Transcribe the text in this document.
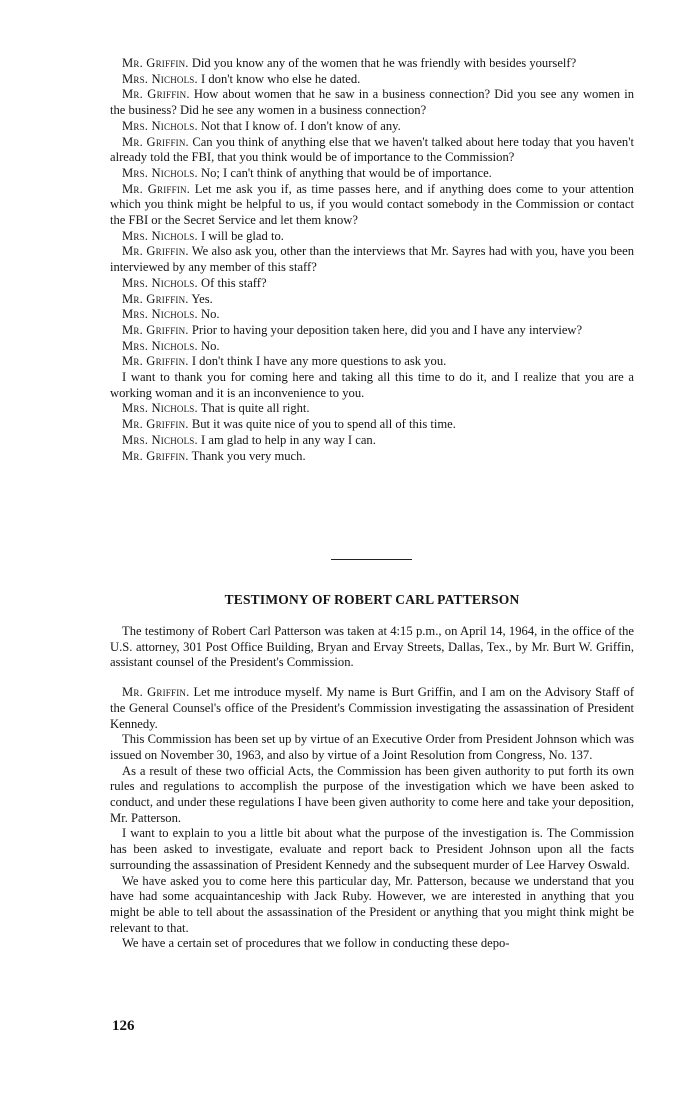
Mr. Griffin. Did you know any of the women that he was friendly with besides yourself?

Mrs. Nichols. I don't know who else he dated.

Mr. Griffin. How about women that he saw in a business connection? Did you see any women in the business? Did he see any women in a business connection?

Mrs. Nichols. Not that I know of. I don't know of any.

Mr. Griffin. Can you think of anything else that we haven't talked about here today that you haven't already told the FBI, that you think would be of importance to the Commission?

Mrs. Nichols. No; I can't think of anything that would be of importance.

Mr. Griffin. Let me ask you if, as time passes here, and if anything does come to your attention which you think might be helpful to us, if you would contact somebody in the Commission or contact the FBI or the Secret Service and let them know?

Mrs. Nichols. I will be glad to.

Mr. Griffin. We also ask you, other than the interviews that Mr. Sayres had with you, have you been interviewed by any member of this staff?

Mrs. Nichols. Of this staff?

Mr. Griffin. Yes.

Mrs. Nichols. No.

Mr. Griffin. Prior to having your deposition taken here, did you and I have any interview?

Mrs. Nichols. No.

Mr. Griffin. I don't think I have any more questions to ask you.

I want to thank you for coming here and taking all this time to do it, and I realize that you are a working woman and it is an inconvenience to you.

Mrs. Nichols. That is quite all right.

Mr. Griffin. But it was quite nice of you to spend all of this time.

Mrs. Nichols. I am glad to help in any way I can.

Mr. Griffin. Thank you very much.

TESTIMONY OF ROBERT CARL PATTERSON

The testimony of Robert Carl Patterson was taken at 4:15 p.m., on April 14, 1964, in the office of the U.S. attorney, 301 Post Office Building, Bryan and Ervay Streets, Dallas, Tex., by Mr. Burt W. Griffin, assistant counsel of the President's Commission.

Mr. Griffin. Let me introduce myself. My name is Burt Griffin, and I am on the Advisory Staff of the General Counsel's office of the President's Commission investigating the assassination of President Kennedy.

This Commission has been set up by virtue of an Executive Order from President Johnson which was issued on November 30, 1963, and also by virtue of a Joint Resolution from Congress, No. 137.

As a result of these two official Acts, the Commission has been given authority to put forth its own rules and regulations to accomplish the purpose of the investigation which we have been asked to conduct, and under these regulations I have been given authority to come here and take your deposition, Mr. Patterson.

I want to explain to you a little bit about what the purpose of the investigation is. The Commission has been asked to investigate, evaluate and report back to President Johnson upon all the facts surrounding the assassination of President Kennedy and the subsequent murder of Lee Harvey Oswald.

We have asked you to come here this particular day, Mr. Patterson, because we understand that you have had some acquaintanceship with Jack Ruby. However, we are interested in anything that you might be able to tell about the assassination of the President or anything that you might think might be relevant to that.

We have a certain set of procedures that we follow in conducting these depo-

126
